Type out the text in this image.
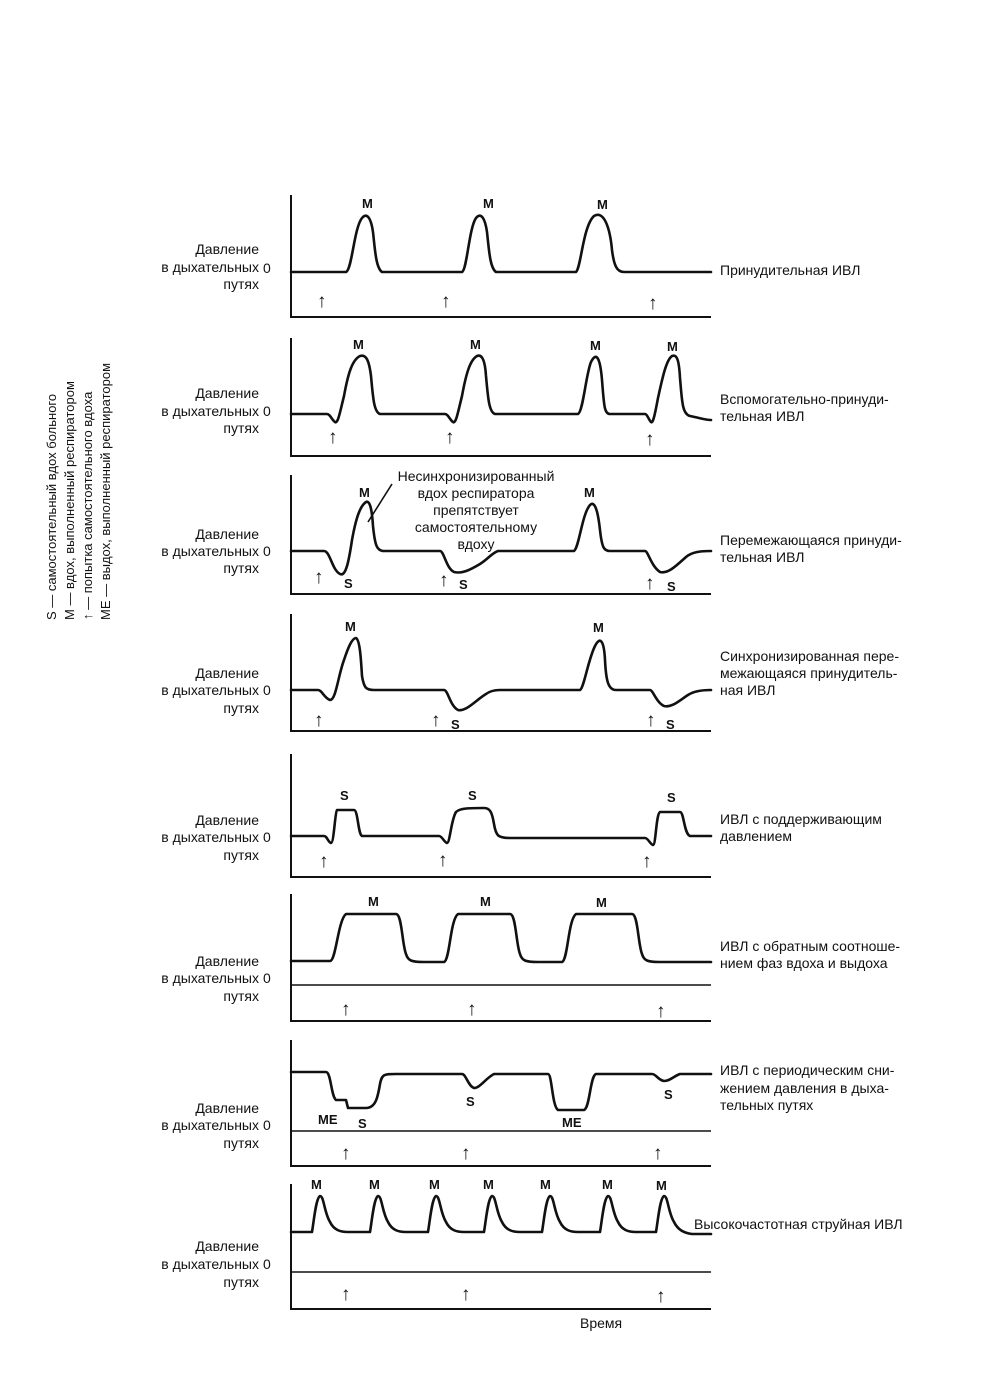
S — самостоятельный вдох больного M — вдох, выполненный респиратором ↑ — попытка самостоятельного вдоха ME — выдох, выполненный респиратором
Давление
в дыхательных
путях
0
M	M	M
↑	↑	↑
Принудительная ИВЛ
Давление
в дыхательных
путях
0
M	M	M	M
↑	↑	↑
Вспомогательно-принуди-
тельная ИВЛ
Давление
в дыхательных
путях
0
M	M
S	S	S
↑	↑	↑
Несинхронизированный
вдох респиратора
препятствует
самостоятельному
вдоху	Перемежающаяся принуди-
тельная ИВЛ
Давление
в дыхательных
путях
0
M	M
S	S
↑	↑	↑
Синхронизированная пере-
межающаяся принудитель-
ная ИВЛ
Давление
в дыхательных
путях
0
S	S	S
↑	↑	↑
ИВЛ с поддерживающим
давлением
Давление
в дыхательных
путях
0
M	M	M
↑	↑	↑
ИВЛ с обратным соотноше-
нием фаз вдоха и выдоха
Давление
в дыхательных
путях
0	ME S
S
ME
S
↑	↑	↑
ИВЛ с периодическим сни-
жением давления в дыха-
тельных путях
Давление
в дыхательных
путях
0
M	M	M	M	M	M	M
↑	↑	↑
Высокочастотная струйная ИВЛ
Время
